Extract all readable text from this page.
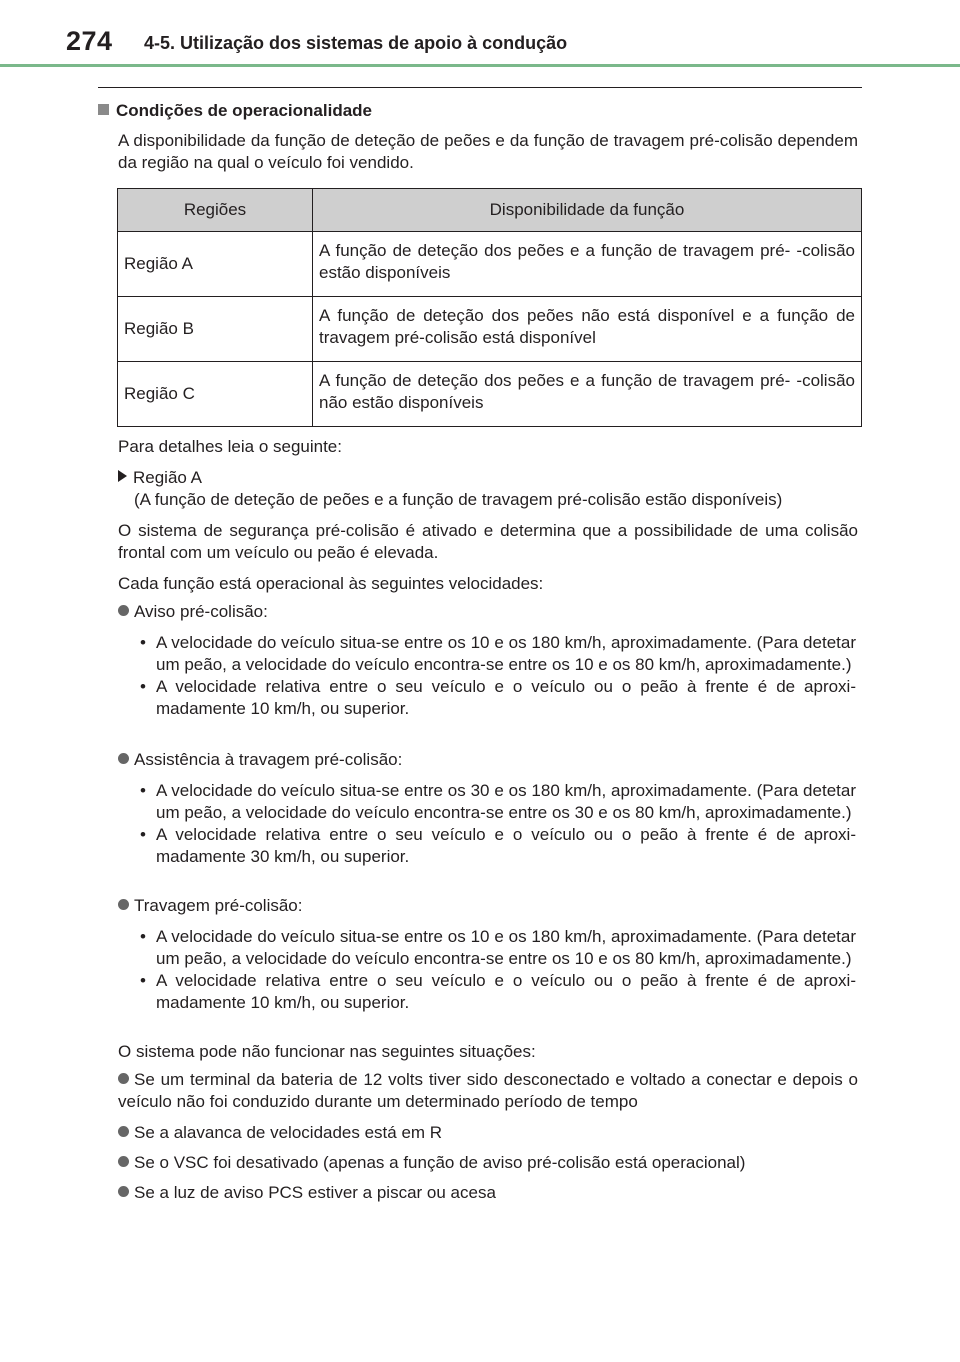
274 4-5. Utilização dos sistemas de apoio à condução
Condições de operacionalidade
A disponibilidade da função de deteção de peões e da função de travagem pré-colisão dependem da região na qual o veículo foi vendido.
Regiões	Disponibilidade da função
Região A	A função de deteção dos peões e a função de travagem pré- -colisão estão disponíveis
Região B	A função de deteção dos peões não está disponível e a função de travagem pré-colisão está disponível
Região C	A função de deteção dos peões e a função de travagem pré- -colisão não estão disponíveis
Para detalhes leia o seguinte:
Região A
(A função de deteção de peões e a função de travagem pré-colisão estão disponíveis)
O sistema de segurança pré-colisão é ativado e determina que a possibilidade de uma colisão frontal com um veículo ou peão é elevada.
Cada função está operacional às seguintes velocidades:
Aviso pré-colisão:
• A velocidade do veículo situa-se entre os 10 e os 180 km/h, aproximadamente. (Para detetar um peão, a velocidade do veículo encontra-se entre os 10 e os 80 km/h, aproximadamente.)
• A velocidade relativa entre o seu veículo e o veículo ou o peão à frente é de aproxi- madamente 10 km/h, ou superior.
Assistência à travagem pré-colisão:
• A velocidade do veículo situa-se entre os 30 e os 180 km/h, aproximadamente. (Para detetar um peão, a velocidade do veículo encontra-se entre os 30 e os 80 km/h, aproximadamente.)
• A velocidade relativa entre o seu veículo e o veículo ou o peão à frente é de aproxi- madamente 30 km/h, ou superior.
Travagem pré-colisão:
• A velocidade do veículo situa-se entre os 10 e os 180 km/h, aproximadamente. (Para detetar um peão, a velocidade do veículo encontra-se entre os 10 e os 80 km/h, aproximadamente.)
• A velocidade relativa entre o seu veículo e o veículo ou o peão à frente é de aproxi- madamente 10 km/h, ou superior.
O sistema pode não funcionar nas seguintes situações:
Se um terminal da bateria de 12 volts tiver sido desconectado e voltado a conectar e depois o veículo não foi conduzido durante um determinado período de tempo
Se a alavanca de velocidades está em R
Se o VSC foi desativado (apenas a função de aviso pré-colisão está operacional)
Se a luz de aviso PCS estiver a piscar ou acesa
